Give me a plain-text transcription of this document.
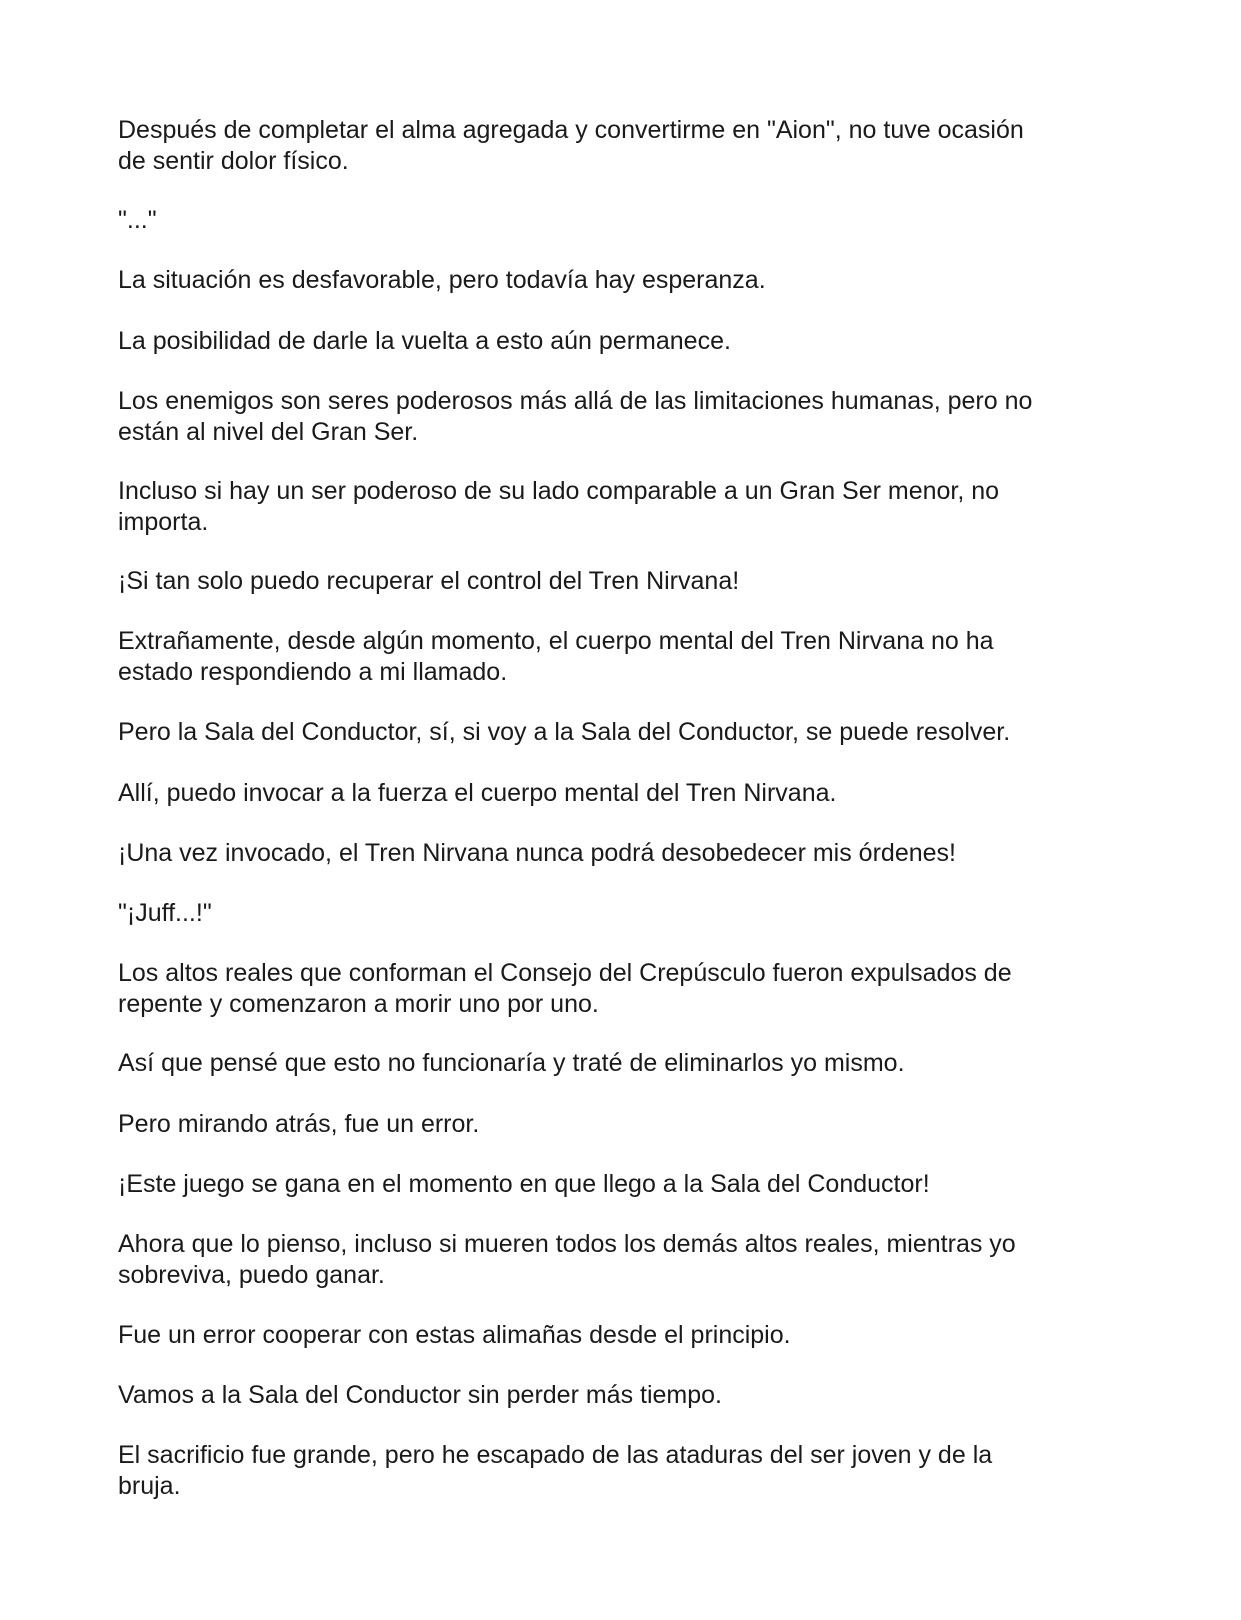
Después de completar el alma agregada y convertirme en "Aion", no tuve ocasión
de sentir dolor físico.

"..."

La situación es desfavorable, pero todavía hay esperanza.

La posibilidad de darle la vuelta a esto aún permanece.

Los enemigos son seres poderosos más allá de las limitaciones humanas, pero no
están al nivel del Gran Ser.

Incluso si hay un ser poderoso de su lado comparable a un Gran Ser menor, no
importa.

¡Si tan solo puedo recuperar el control del Tren Nirvana!

Extrañamente, desde algún momento, el cuerpo mental del Tren Nirvana no ha
estado respondiendo a mi llamado.

Pero la Sala del Conductor, sí, si voy a la Sala del Conductor, se puede resolver.

Allí, puedo invocar a la fuerza el cuerpo mental del Tren Nirvana.

¡Una vez invocado, el Tren Nirvana nunca podrá desobedecer mis órdenes!

"¡Juff...!"

Los altos reales que conforman el Consejo del Crepúsculo fueron expulsados de
repente y comenzaron a morir uno por uno.

Así que pensé que esto no funcionaría y traté de eliminarlos yo mismo.

Pero mirando atrás, fue un error.

¡Este juego se gana en el momento en que llego a la Sala del Conductor!

Ahora que lo pienso, incluso si mueren todos los demás altos reales, mientras yo
sobreviva, puedo ganar.

Fue un error cooperar con estas alimañas desde el principio.

Vamos a la Sala del Conductor sin perder más tiempo.

El sacrificio fue grande, pero he escapado de las ataduras del ser joven y de la
bruja.
